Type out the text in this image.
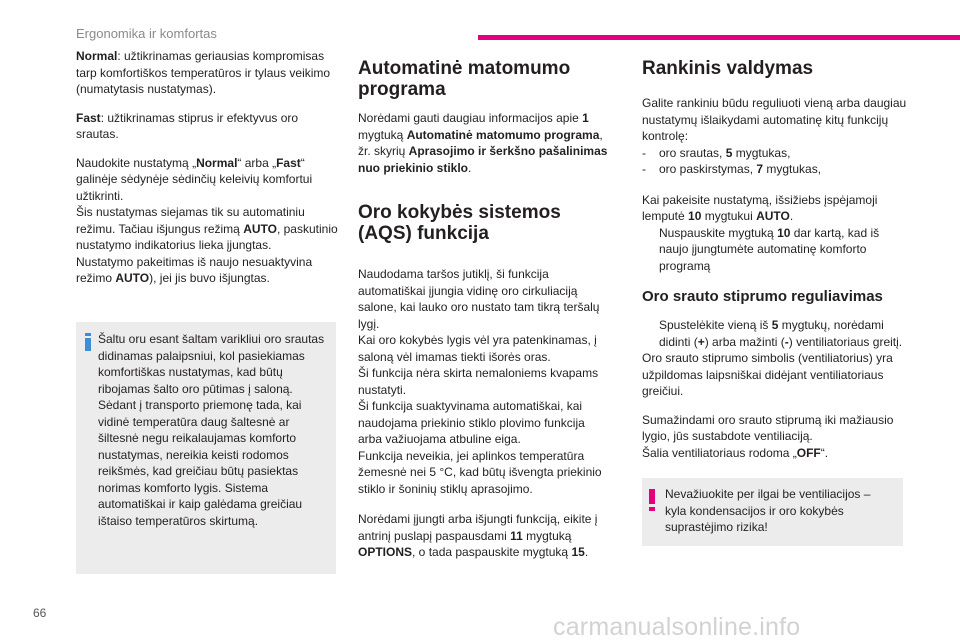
Ergonomika ir komfortas

Normal: užtikrinamas geriausias kompromisas tarp komfortiškos temperatūros ir tylaus veikimo (numatytasis nustatymas).

Fast: užtikrinamas stiprus ir efektyvus oro srautas.

Naudokite nustatymą „Normal“ arba „Fast“ galinėje sėdynėje sėdinčių keleivių komfortui užtikrinti.
Šis nustatymas siejamas tik su automatiniu režimu. Tačiau išjungus režimą AUTO, paskutinio nustatymo indikatorius lieka įjungtas.
Nustatymo pakeitimas iš naujo nesuaktyvina režimo AUTO), jei jis buvo išjungtas.

Šaltu oru esant šaltam varikliui oro srautas didinamas palaipsniui, kol pasiekiamas komfortiškas nustatymas, kad būtų ribojamas šalto oro pūtimas į saloną. Sėdant į transporto priemonę tada, kai vidinė temperatūra daug šaltesnė ar šiltesnė negu reikalaujamas komforto nustatymas, nereikia keisti rodomos reikšmės, kad greičiau būtų pasiektas norimas komforto lygis. Sistema automatiškai ir kaip galėdama greičiau ištaiso temperatūros skirtumą.
Automatinė matomumo programa

Norėdami gauti daugiau informacijos apie 1 mygtuką Automatinė matomumo programa, žr. skyrių Aprasojimo ir šerkšno pašalinimas nuo priekinio stiklo.

Oro kokybės sistemos (AQS) funkcija

Naudodama taršos jutiklį, ši funkcija automatiškai įjungia vidinę oro cirkuliaciją salone, kai lauko oro nustato tam tikrą teršalų lygį.
Kai oro kokybės lygis vėl yra patenkinamas, į saloną vėl imamas tiekti išorės oras.
Ši funkcija nėra skirta nemaloniems kvapams nustatyti.
Ši funkcija suaktyvinama automatiškai, kai naudojama priekinio stiklo plovimo funkcija arba važiuojama atbuline eiga.
Funkcija neveikia, jei aplinkos temperatūra žemesnė nei 5 °C, kad būtų išvengta priekinio stiklo ir šoninių stiklų aprasojimo.

Norėdami įjungti arba išjungti funkciją, eikite į antrinį puslapį paspausdami 11 mygtuką OPTIONS, o tada paspauskite mygtuką 15.

Rankinis valdymas

Galite rankiniu būdu reguliuoti vieną arba daugiau nustatymų išlaikydami automatinę kitų funkcijų kontrolę:

- oro srautas, 5 mygtukas,
- oro paskirstymas, 7 mygtukas,

Kai pakeisite nustatymą, išsižiebs įspėjamoji lemputė 10 mygtukui AUTO.

Nuspauskite mygtuką 10 dar kartą, kad iš naujo įjungtumėte automatinę komforto programą
Oro srauto stiprumo reguliavimas
Spustelėkite vieną iš 5 mygtukų, norėdami didinti (+) arba mažinti (-) ventiliatoriaus greitį.

Oro srauto stiprumo simbolis (ventiliatorius) yra užpildomas laipsniškai didėjant ventiliatoriaus greičiui.

Sumažindami oro srauto stiprumą iki mažiausio lygio, jūs sustabdote ventiliaciją.
Šalia ventiliatoriaus rodoma „OFF“.

Nevažiuokite per ilgai be ventiliacijos – kyla kondensacijos ir oro kokybės suprastėjimo rizika!
66	carmanualsonline.info
